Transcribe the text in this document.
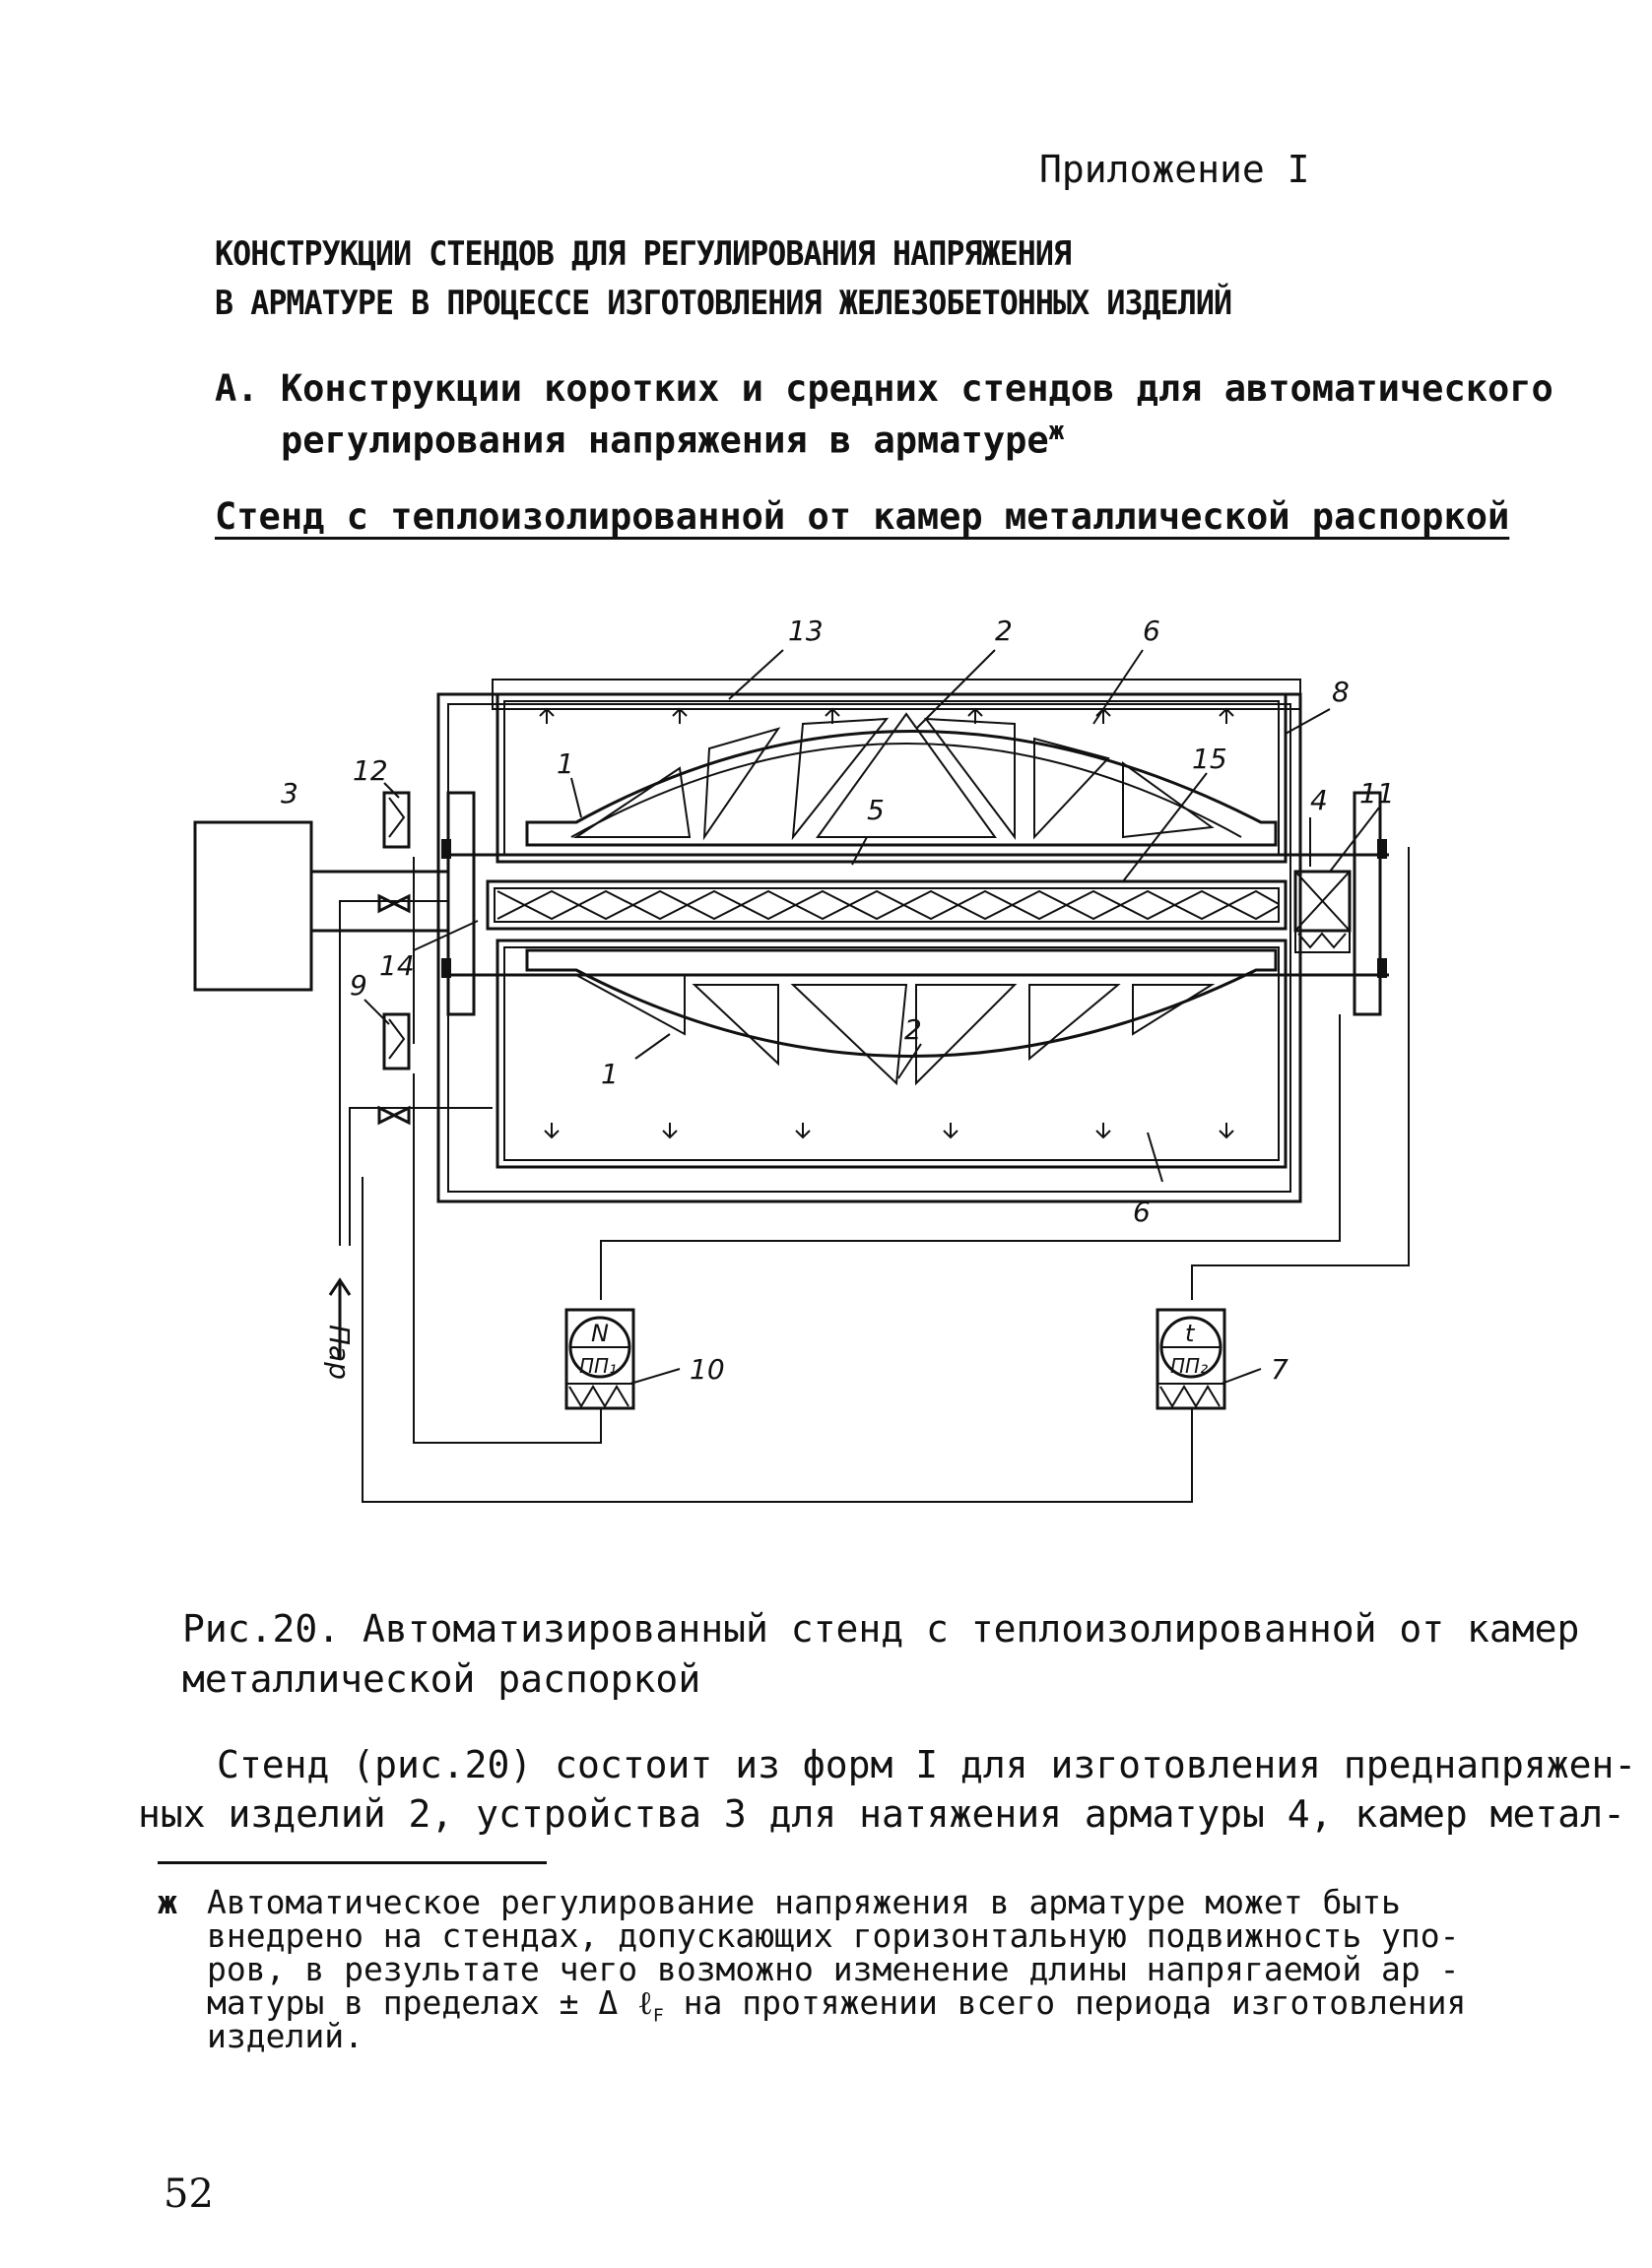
Приложение I
КОНСТРУКЦИИ СТЕНДОВ ДЛЯ РЕГУЛИРОВАНИЯ НАПРЯЖЕНИЯ
В АРМАТУРЕ В ПРОЦЕССЕ ИЗГОТОВЛЕНИЯ ЖЕЛЕЗОБЕТОННЫХ ИЗДЕЛИЙ
А. Конструкции коротких и средних стендов для автоматического
регулирования напряжения в арматуре$^ж$
Стенд с теплоизолированной от камер металлической распоркой
13	2	6
8
12
3
1	15
5	4 11
14
9
2
1
6
10	7
Пар	N
ПП₁
t
ПП₂
Рис.20. Автоматизированный стенд с теплоизолированной от камер
металлической распоркой
Стенд (рис.20) состоит из форм I для изготовления преднапряжен-
ных изделий 2, устройства 3 для натяжения арматуры 4, камер метал-
ж Автоматическое регулирование напряжения в арматуре может быть
внедрено на стендах, допускающих горизонтальную подвижность упо-
ров, в результате чего возможно изменение длины напрягаемой ар -
матуры в пределах ± Δ ℓ$_F$ на протяжении всего периода изготовления
изделий.
52
